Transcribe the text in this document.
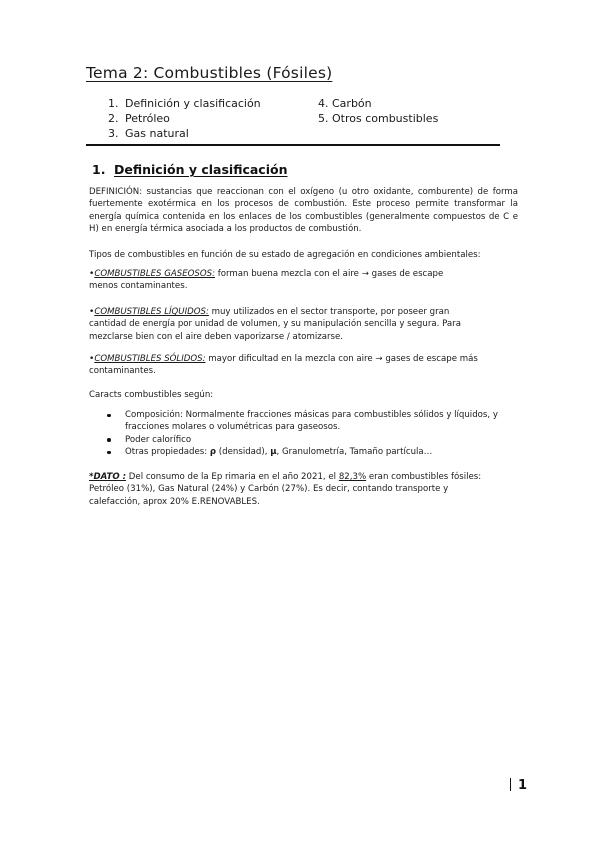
Tema 2: Combustibles (Fósiles)
1. Definición y clasificación
2. Petróleo
3. Gas natural
4. Carbón
5. Otros combustibles
1. Definición y clasificación
DEFINICIÓN: sustancias que reaccionan con el oxígeno (u otro oxidante, comburente) de forma fuertemente exotérmica en los procesos de combustión. Este proceso permite transformar la energía química contenida en los enlaces de los combustibles (generalmente compuestos de C e H) en energía térmica asociada a los productos de combustión.
Tipos de combustibles en función de su estado de agregación en condiciones ambientales:
•COMBUSTIBLES GASEOSOS: forman buena mezcla con el aire → gases de escape
menos contaminantes.
•COMBUSTIBLES LÍQUIDOS: muy utilizados en el sector transporte, por poseer gran
cantidad de energía por unidad de volumen, y su manipulación sencilla y segura. Para
mezclarse bien con el aire deben vaporizarse / atomizarse.
•COMBUSTIBLES SÓLIDOS: mayor dificultad en la mezcla con aire → gases de escape más
contaminantes.
Caracts combustibles según:
Composición: Normalmente fracciones másicas para combustibles sólidos y líquidos, y
fracciones molares o volumétricas para gaseosos.
Poder calorífico
Otras propiedades: ρ (densidad), μ, Granulometría, Tamaño partícula…
*DATO : Del consumo de la Ep rimaria en el año 2021, el 82,3% eran combustibles fósiles:
Petróleo (31%), Gas Natural (24%) y Carbón (27%). Es decir, contando transporte y
calefacción, aprox 20% E.RENOVABLES.
1
